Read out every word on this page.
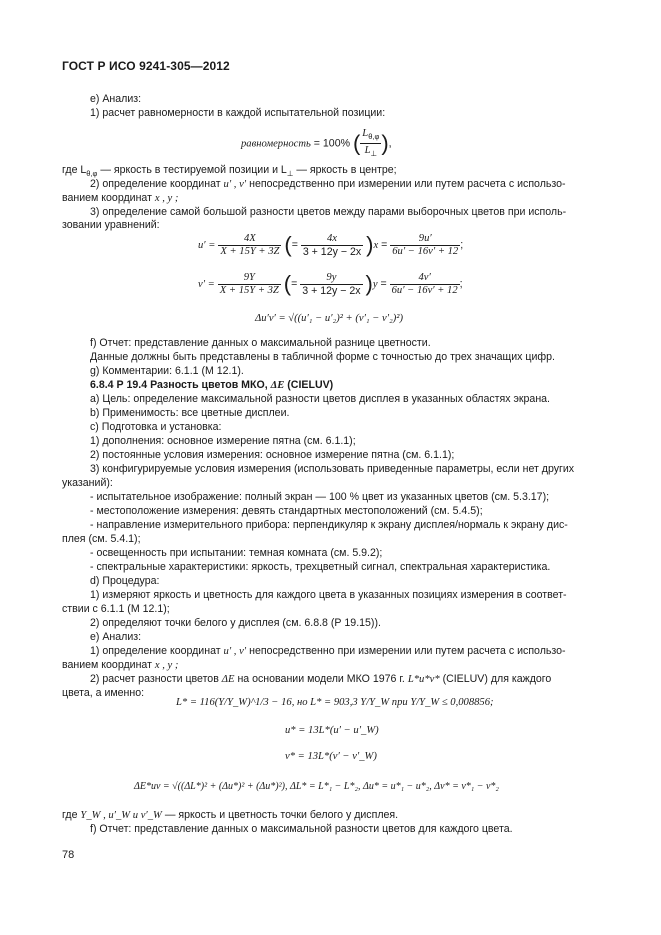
ГОСТ Р ИСО 9241-305—2012
e) Анализ:
1) расчет равномерности в каждой испытательной позиции:
равномерность = 100% ( $\frac{L_{\theta,\varphi}}{L_\perp}$ ),
где $L_{\theta,\varphi}$ — яркость в тестируемой позиции и $L_\perp$ — яркость в центре;
2) определение координат u′ , v′ непосредственно при измерении или путем расчета с использо-
ванием координат x , y ;
3) определение самой большой разности цветов между парами выборочных цветов при исполь-
зовании уравнений:
$u' = \frac{4X}{X + 15Y + 3Z}$ (= $\frac{4x}{3 + 12y - 2x} )x = \frac{9u'}{6u' - 16v' + 12}$ ;
$v' = \frac{9Y}{X + 15Y + 3Z}$ (= $\frac{9y}{3 + 12y - 2x} )y = \frac{4v'}{6u' - 16v' + 12}$ ;
Δu′v′ = √((u′₁ − u′₂)² + (v′₁ − v′₂)²)
f) Отчет: представление данных о максимальной разнице цветности.
Данные должны быть представлены в табличной форме с точностью до трех значащих цифр.
g) Комментарии: 6.1.1 (М 12.1).
6.8.4 Р 19.4 Разность цветов МКО, ΔE (CIELUV)
a) Цель: определение максимальной разности цветов дисплея в указанных областях экрана.
b) Применимость: все цветные дисплеи.
c) Подготовка и установка:
1) дополнения: основное измерение пятна (см. 6.1.1);
2) постоянные условия измерения: основное измерение пятна (см. 6.1.1);
3) конфигурируемые условия измерения (использовать приведенные параметры, если нет других
указаний):
- испытательное изображение: полный экран — 100 % цвет из указанных цветов (см. 5.3.17);
- местоположение измерения: девять стандартных местоположений (см. 5.4.5);
- направление измерительного прибора: перпендикуляр к экрану дисплея/нормаль к экрану дис-
плея (см. 5.4.1);
- освещенность при испытании: темная комната (см. 5.9.2);
- спектральные характеристики: яркость, трехцветный сигнал, спектральная характеристика.
d) Процедура:
1) измеряют яркость и цветность для каждого цвета в указанных позициях измерения в соответ-
ствии с 6.1.1 (М 12.1);
2) определяют точки белого у дисплея (см. 6.8.8 (Р 19.15)).
e) Анализ:
1) определение координат u′ , v′ непосредственно при измерении или путем расчета с использо-
ванием координат x , y ;
2) расчет разности цветов ΔE на основании модели МКО 1976 г. L*u*v* (CIELUV) для каждого
цвета, а именно:
L* = 116(Y/Y_W)^1/3 − 16, но L* = 903,3 Y/Y_W при Y/Y_W ≤ 0,008856;
u* = 13L*(u′ − u′_W)
v* = 13L*(v′ − v′_W)
ΔE*uv = √((ΔL*)² + (Δu*)² + (Δu*)²), ΔL* = L*₁ − L*₂, Δu* = u*₁ − u*₂, Δv* = v*₁ − v*₂
где Y_W , u′_W и v′_W — яркость и цветность точки белого у дисплея.
f) Отчет: представление данных о максимальной разности цветов для каждого цвета.
78
